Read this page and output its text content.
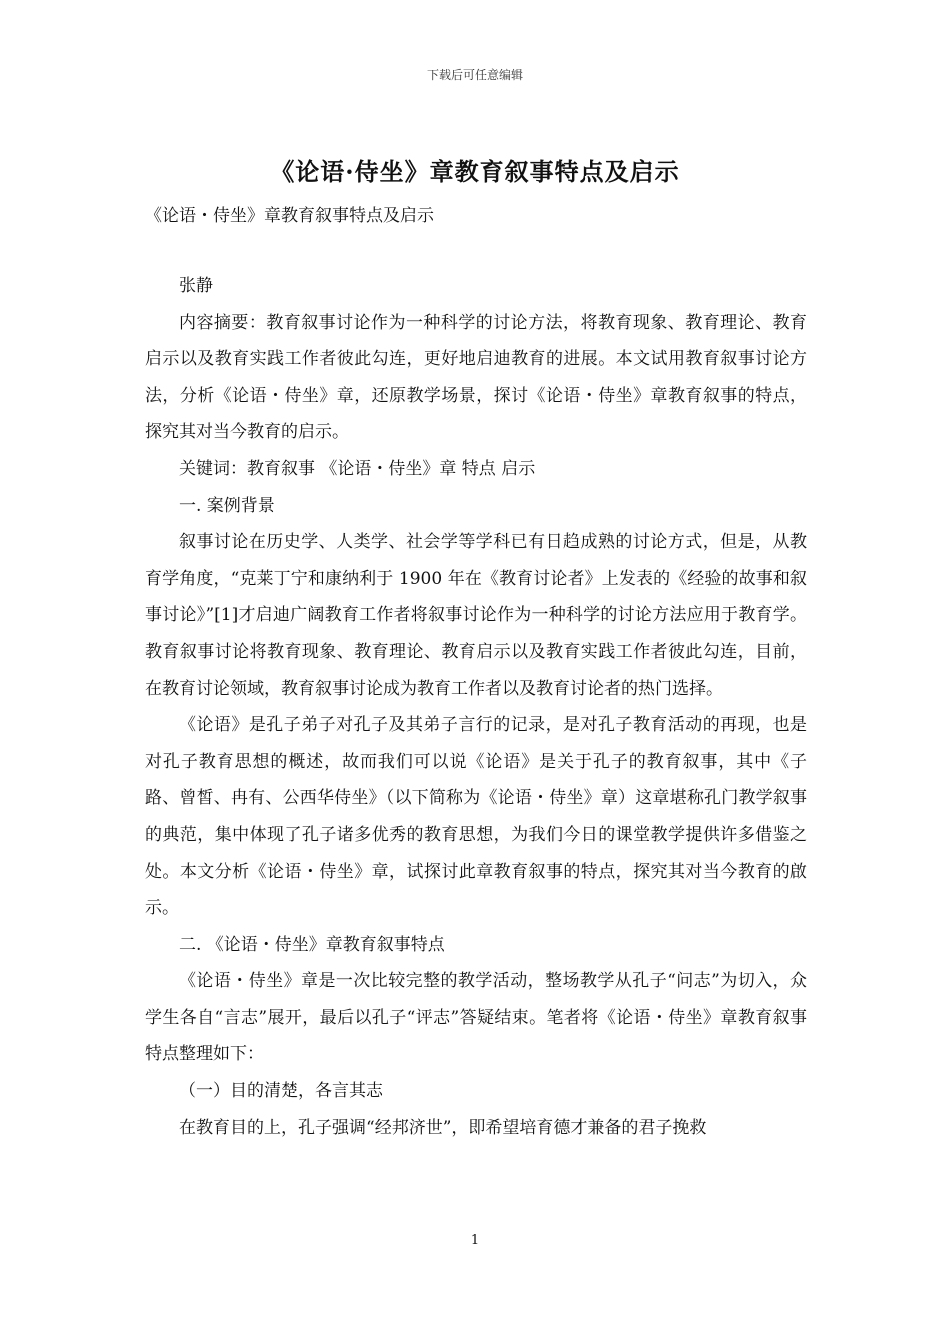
下载后可任意编辑
《论语·侍坐》章教育叙事特点及启示
《论语・侍坐》章教育叙事特点及启示

张静

内容摘要：教育叙事讨论作为一种科学的讨论方法，将教育现象、教育理论、教育启示以及教育实践工作者彼此勾连，更好地启迪教育的进展。本文试用教育叙事讨论方法，分析《论语・侍坐》章，还原教学场景，探讨《论语・侍坐》章教育叙事的特点，探究其对当今教育的启示。

关键词：教育叙事 《论语・侍坐》章 特点 启示

一. 案例背景

叙事讨论在历史学、人类学、社会学等学科已有日趋成熟的讨论方式，但是，从教育学角度，“克莱丁宁和康纳利于 1900 年在《教育讨论者》上发表的《经验的故事和叙事讨论》”[1]才启迪广阔教育工作者将叙事讨论作为一种科学的讨论方法应用于教育学。教育叙事讨论将教育现象、教育理论、教育启示以及教育实践工作者彼此勾连，目前，在教育讨论领域，教育叙事讨论成为教育工作者以及教育讨论者的热门选择。

《论语》是孔子弟子对孔子及其弟子言行的记录，是对孔子教育活动的再现，也是对孔子教育思想的概述，故而我们可以说《论语》是关于孔子的教育叙事，其中《子路、曾皙、冉有、公西华侍坐》（以下简称为《论语・侍坐》章）这章堪称孔门教学叙事的典范，集中体现了孔子诸多优秀的教育思想，为我们今日的课堂教学提供许多借鉴之处。本文分析《论语・侍坐》章，试探讨此章教育叙事的特点，探究其对当今教育的啟示。

二. 《论语・侍坐》章教育叙事特点

《论语・侍坐》章是一次比较完整的教学活动，整场教学从孔子“问志”为切入，众学生各自“言志”展开，最后以孔子“评志”答疑结束。笔者将《论语・侍坐》章教育叙事特点整理如下：

（一）目的清楚，各言其志

在教育目的上，孔子强调“经邦济世”，即希望培育德才兼备的君子挽救

1
